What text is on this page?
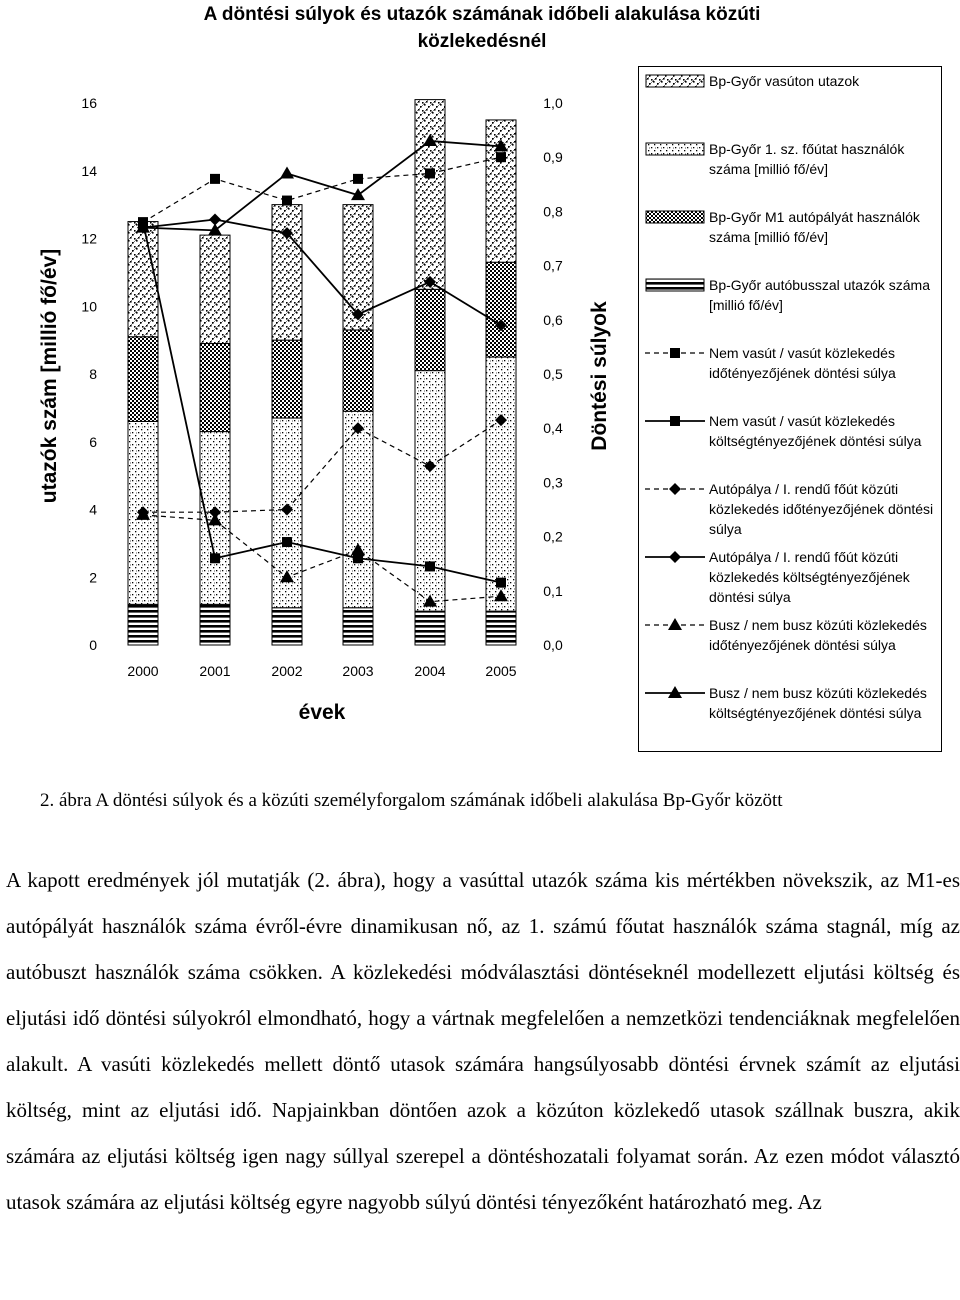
A döntési súlyok és utazók számának időbeli alakulása közúti
közlekedésnél
utazók szám [millió fő/év]	Döntési súlyok
évek
0
2
4
6
8
10
12
14
16
0,0
0,1
0,2
0,3
0,4
0,5
0,6
0,7
0,8
0,9
1,0
2000	2001	2002	2003	2004	2005
Bp-Győr vasúton utazok
Bp-Győr 1. sz. főútat használók száma [millió fő/év]
Bp-Győr M1 autópályát használók száma [millió fő/év]
Bp-Győr autóbusszal utazók száma [millió fő/év]
Nem vasút / vasút közlekedés időtényezőjének döntési súlya
Nem vasút / vasút közlekedés költségtényezőjének döntési súlya
Autópálya / I. rendű főút közúti közlekedés időtényezőjének döntési súlya
Autópálya / I. rendű főút közúti közlekedés költségtényezőjének döntési súlya
Busz / nem busz közúti közlekedés időtényezőjének döntési súlya
Busz / nem busz közúti közlekedés költségtényezőjének döntési súlya
2. ábra A döntési súlyok és a közúti személyforgalom számának időbeli alakulása Bp-Győr között

A kapott eredmények jól mutatják (2. ábra), hogy a vasúttal utazók száma kis mértékben növekszik, az M1-es autópályát használók száma évről-évre dinamikusan nő, az 1. számú főutat használók száma stagnál, míg az autóbuszt használók száma csökken. A közlekedési módválasztási döntéseknél modellezett eljutási költség és eljutási idő döntési súlyokról elmondható, hogy a vártnak megfelelően a nemzetközi tendenciáknak megfelelően alakult. A vasúti közlekedés mellett döntő utasok számára hangsúlyosabb döntési érvnek számít az eljutási költség, mint az eljutási idő. Napjainkban döntően azok a közúton közlekedő utasok szállnak buszra, akik számára az eljutási költség igen nagy súllyal szerepel a döntéshozatali folyamat során. Az ezen módot választó utasok számára az eljutási költség egyre nagyobb súlyú döntési tényezőként határozható meg. Az
